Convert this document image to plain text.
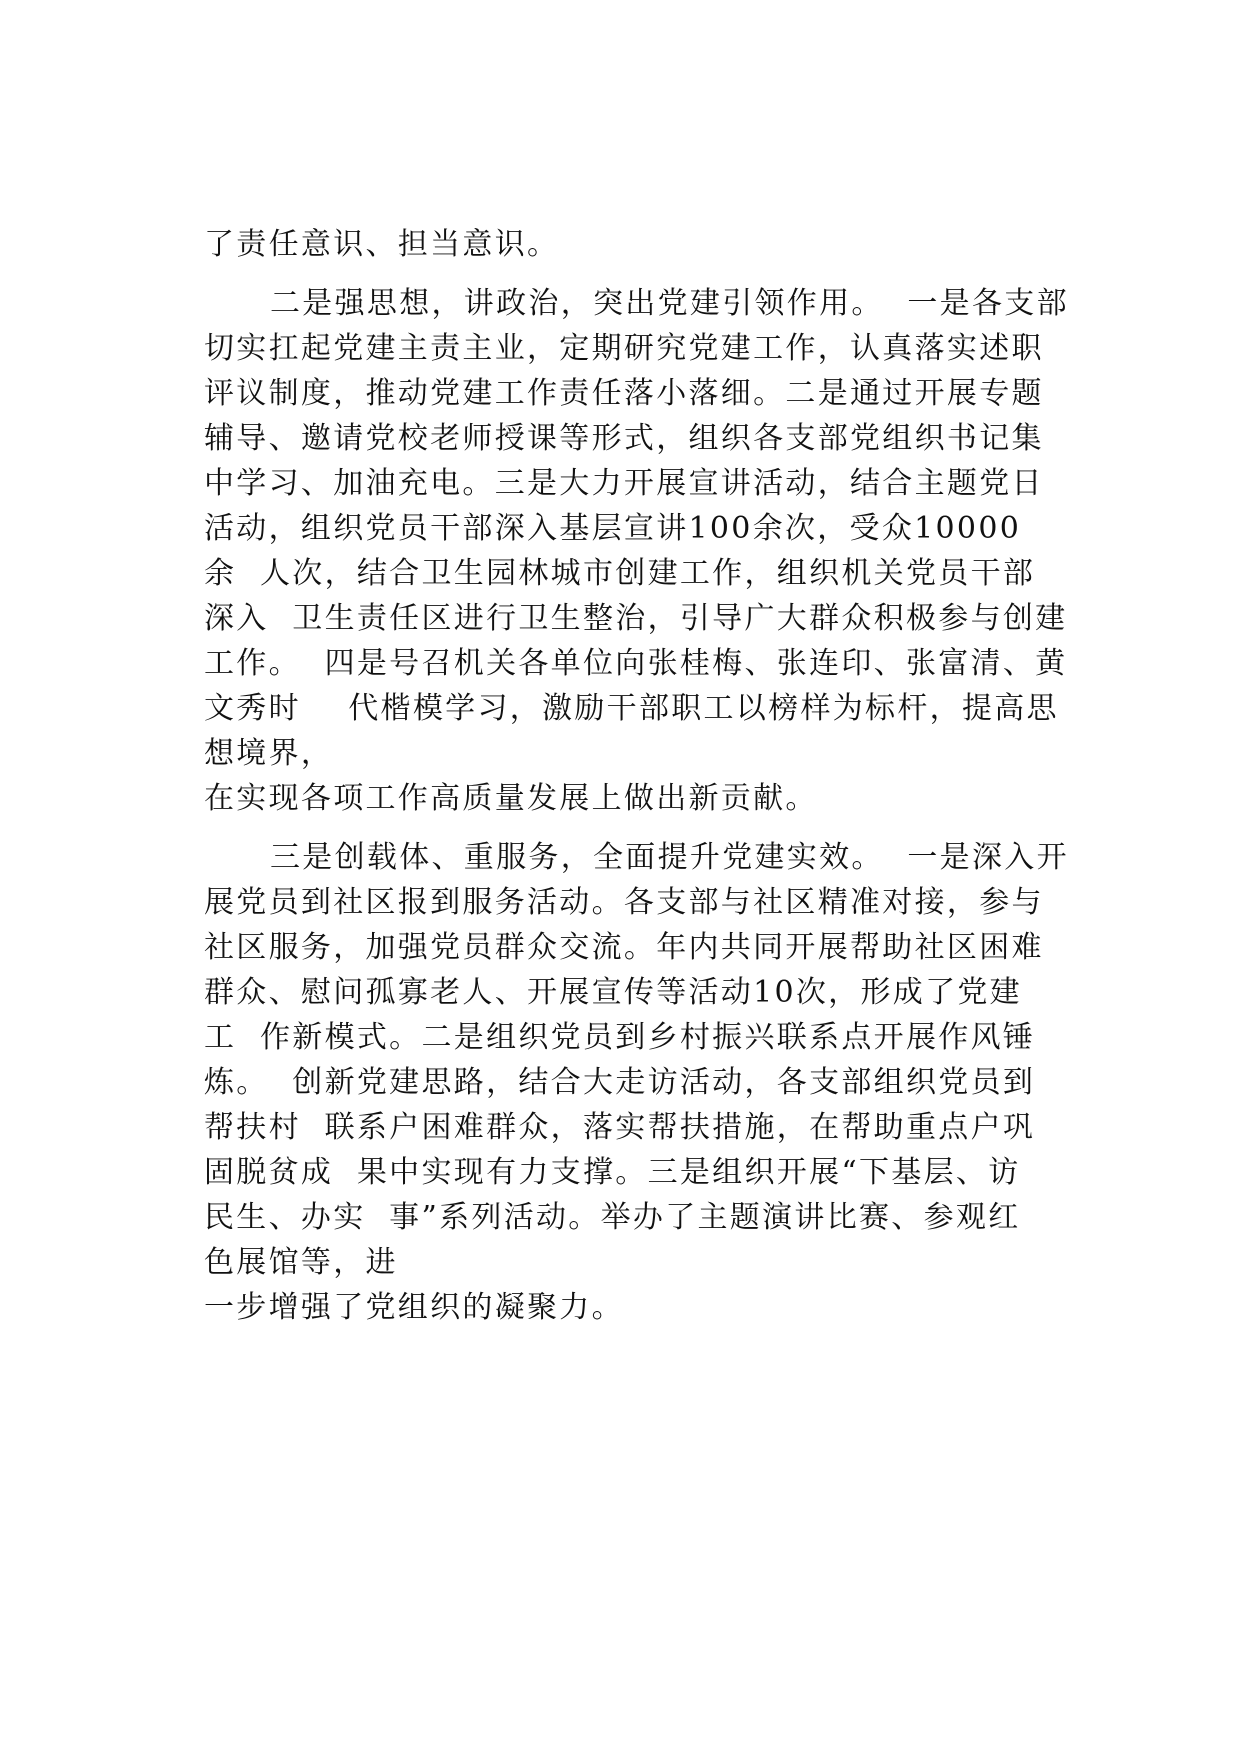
了责任意识、担当意识。

二是强思想，讲政治，突出党建引领作用。  一是各支部

切实扛起党建主责主业，定期研究党建工作，认真落实述职

评议制度，推动党建工作责任落小落细。二是通过开展专题

辅导、邀请党校老师授课等形式，组织各支部党组织书记集

中学习、加油充电。三是大力开展宣讲活动，结合主题党日

活动，组织党员干部深入基层宣讲100余次，受众10000

余  人次，结合卫生园林城市创建工作，组织机关党员干部

深入  卫生责任区进行卫生整治，引导广大群众积极参与创建

工作。  四是号召机关各单位向张桂梅、张连印、张富清、黄

文秀时    代楷模学习，激励干部职工以榜样为标杆，提高思

想境界，

在实现各项工作高质量发展上做出新贡献。

三是创载体、重服务，全面提升党建实效。  一是深入开

展党员到社区报到服务活动。各支部与社区精准对接，参与

社区服务，加强党员群众交流。年内共同开展帮助社区困难

群众、慰问孤寡老人、开展宣传等活动10次，形成了党建

工  作新模式。二是组织党员到乡村振兴联系点开展作风锤

炼。  创新党建思路，结合大走访活动，各支部组织党员到

帮扶村  联系户困难群众，落实帮扶措施，在帮助重点户巩

固脱贫成  果中实现有力支撑。三是组织开展“下基层、访

民生、办实  事”系列活动。举办了主题演讲比赛、参观红

色展馆等，进

一步增强了党组织的凝聚力。
